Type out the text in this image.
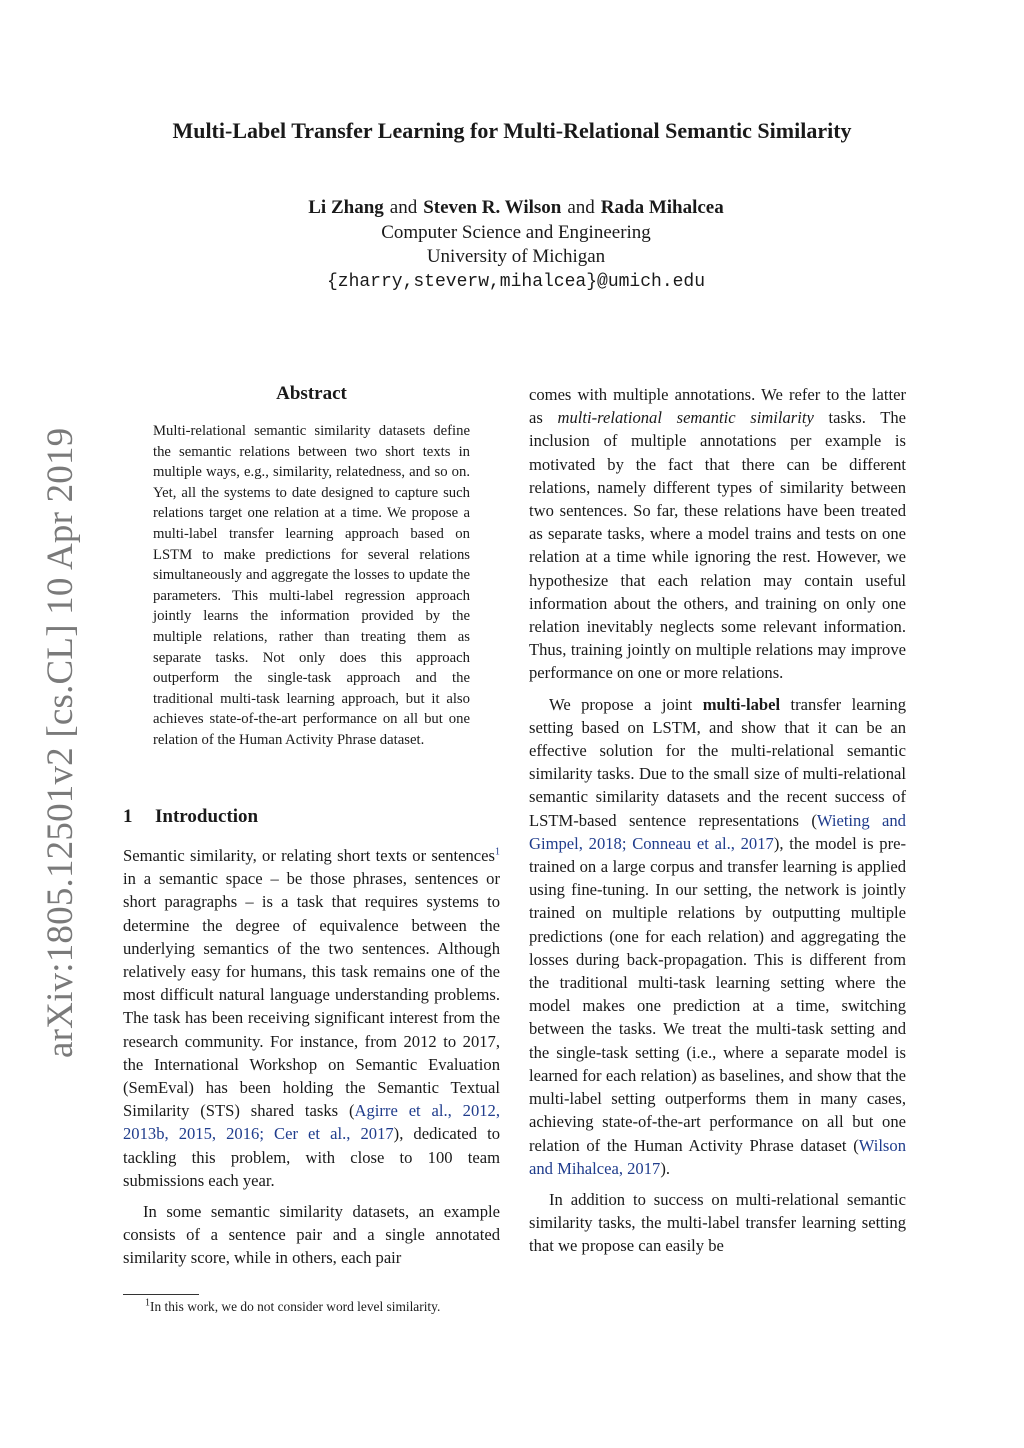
arXiv:1805.12501v2 [cs.CL] 10 Apr 2019
Multi-Label Transfer Learning for Multi-Relational Semantic Similarity
Li Zhang and Steven R. Wilson and Rada Mihalcea
Computer Science and Engineering
University of Michigan
{zharry,steverw,mihalcea}@umich.edu
Abstract
Multi-relational semantic similarity datasets define the semantic relations between two short texts in multiple ways, e.g., similarity, relatedness, and so on. Yet, all the systems to date designed to capture such relations target one relation at a time. We propose a multi-label transfer learning approach based on LSTM to make predictions for several relations simultaneously and aggregate the losses to update the parameters. This multi-label regression approach jointly learns the information provided by the multiple relations, rather than treating them as separate tasks. Not only does this approach outperform the single-task approach and the traditional multi-task learning approach, but it also achieves state-of-the-art performance on all but one relation of the Human Activity Phrase dataset.
1 Introduction

Semantic similarity, or relating short texts or sentences$^1$ in a semantic space – be those phrases, sentences or short paragraphs – is a task that requires systems to determine the degree of equivalence between the underlying semantics of the two sentences. Although relatively easy for humans, this task remains one of the most difficult natural language understanding problems. The task has been receiving significant interest from the research community. For instance, from 2012 to 2017, the International Workshop on Semantic Evaluation (SemEval) has been holding the Semantic Textual Similarity (STS) shared tasks (Agirre et al., 2012, 2013b, 2015, 2016; Cer et al., 2017), dedicated to tackling this problem, with close to 100 team submissions each year.

In some semantic similarity datasets, an example consists of a sentence pair and a single annotated similarity score, while in others, each pair

$^1$In this work, we do not consider word level similarity.

comes with multiple annotations. We refer to the latter as multi-relational semantic similarity tasks. The inclusion of multiple annotations per example is motivated by the fact that there can be different relations, namely different types of similarity between two sentences. So far, these relations have been treated as separate tasks, where a model trains and tests on one relation at a time while ignoring the rest. However, we hypothesize that each relation may contain useful information about the others, and training on only one relation inevitably neglects some relevant information. Thus, training jointly on multiple relations may improve performance on one or more relations.

We propose a joint multi-label transfer learning setting based on LSTM, and show that it can be an effective solution for the multi-relational semantic similarity tasks. Due to the small size of multi-relational semantic similarity datasets and the recent success of LSTM-based sentence representations (Wieting and Gimpel, 2018; Conneau et al., 2017), the model is pre-trained on a large corpus and transfer learning is applied using fine-tuning. In our setting, the network is jointly trained on multiple relations by outputting multiple predictions (one for each relation) and aggregating the losses during back-propagation. This is different from the traditional multi-task learning setting where the model makes one prediction at a time, switching between the tasks. We treat the multi-task setting and the single-task setting (i.e., where a separate model is learned for each relation) as baselines, and show that the multi-label setting outperforms them in many cases, achieving state-of-the-art performance on all but one relation of the Human Activity Phrase dataset (Wilson and Mihalcea, 2017).

In addition to success on multi-relational semantic similarity tasks, the multi-label transfer learning setting that we propose can easily be
